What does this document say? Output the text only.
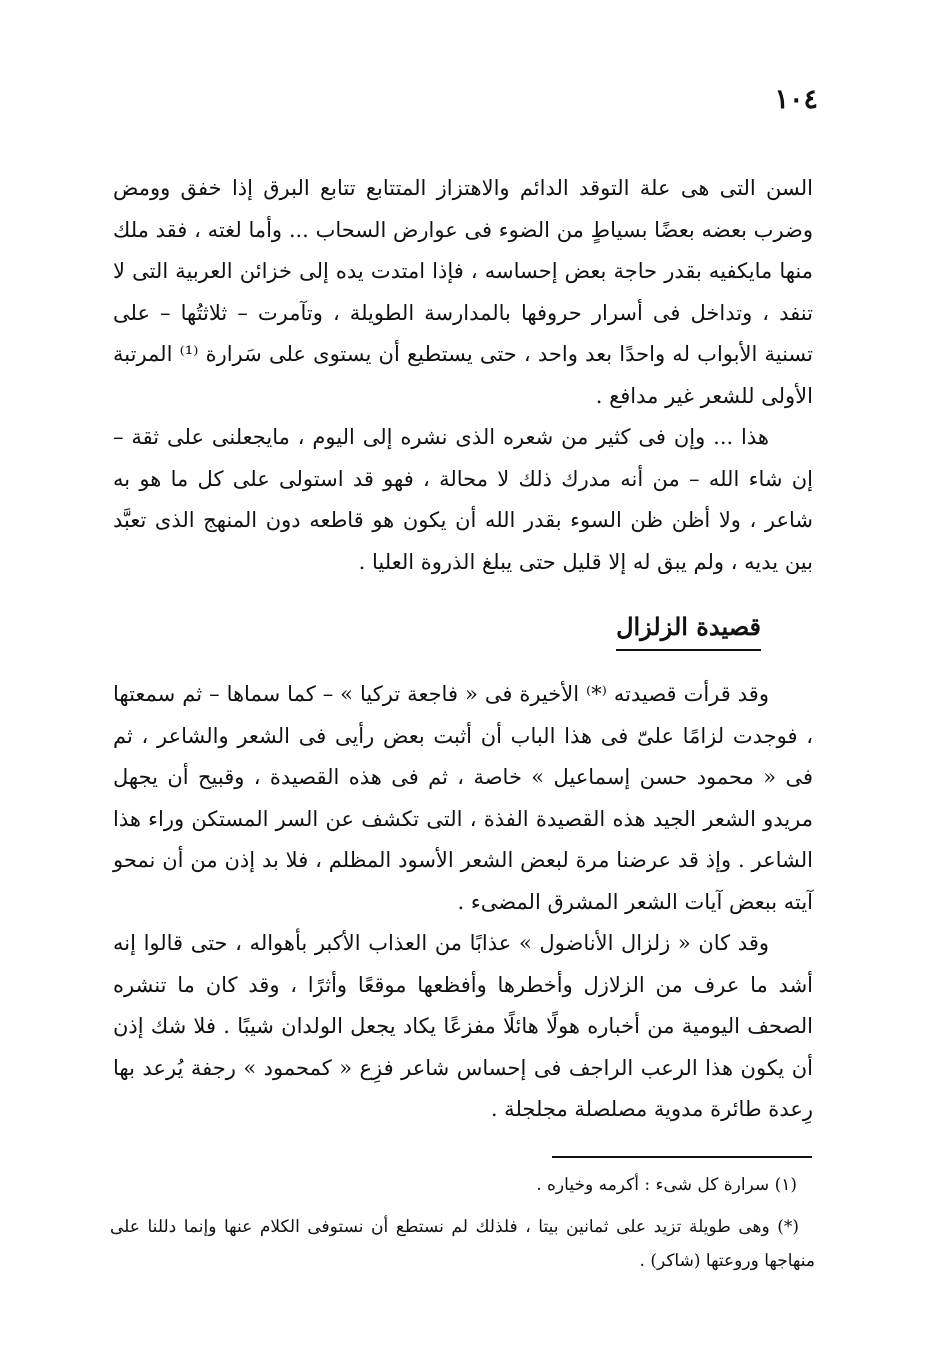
١٠٤

السن التى هى علة التوقد الدائم والاهتزاز المتتابع تتابع البرق إذا خفق وومض وضرب بعضه بعضًا بسياطٍ من الضوء فى عوارض السحاب ... وأما لغته ، فقد ملك منها مايكفيه بقدر حاجة بعض إحساسه ، فإذا امتدت يده إلى خزائن العربية التى لا تنفد ، وتداخل فى أسرار حروفها بالمدارسة الطويلة ، وتآمرت – ثلاثتُها – على تسنية الأبواب له واحدًا بعد واحد ، حتى يستطيع أن يستوى على سَرارة ⁽¹⁾ المرتبة الأولى للشعر غير مدافع .

هذا ... وإن فى كثير من شعره الذى نشره إلى اليوم ، مايجعلنى على ثقة – إن شاء الله – من أنه مدرك ذلك لا محالة ، فهو قد استولى على كل ما هو به شاعر ، ولا أظن ظن السوء بقدر الله أن يكون هو قاطعه دون المنهج الذى تعبَّد بين يديه ، ولم يبق له إلا قليل حتى يبلغ الذروة العليا .

قصيدة الزلزال

وقد قرأت قصيدته ⁽*⁾ الأخيرة فى « فاجعة تركيا » – كما سماها – ثم سمعتها ، فوجدت لزامًا علىّ فى هذا الباب أن أثبت بعض رأيى فى الشعر والشاعر ، ثم فى « محمود حسن إسماعيل » خاصة ، ثم فى هذه القصيدة ، وقبيح أن يجهل مريدو الشعر الجيد هذه القصيدة الفذة ، التى تكشف عن السر المستكن وراء هذا الشاعر . وإذ قد عرضنا مرة لبعض الشعر الأسود المظلم ، فلا بد إذن من أن نمحو آيته ببعض آيات الشعر المشرق المضىء .

وقد كان « زلزال الأناضول » عذابًا من العذاب الأكبر بأهواله ، حتى قالوا إنه أشد ما عرف من الزلازل وأخطرها وأفظعها موقعًا وأثرًا ، وقد كان ما تنشره الصحف اليومية من أخباره هولًا هائلًا مفزعًا يكاد يجعل الولدان شيبًا . فلا شك إذن أن يكون هذا الرعب الراجف فى إحساس شاعر فزِع « كمحمود » رجفة يُرعد بها رِعدة طائرة مدوية مصلصلة مجلجلة .

(١) سرارة كل شىء : أكرمه وخياره .

(*) وهى طويلة تزيد على ثمانين بيتا ، فلذلك لم نستطع أن نستوفى الكلام عنها وإنما دللنا على منهاجها وروعتها (شاكر) .
